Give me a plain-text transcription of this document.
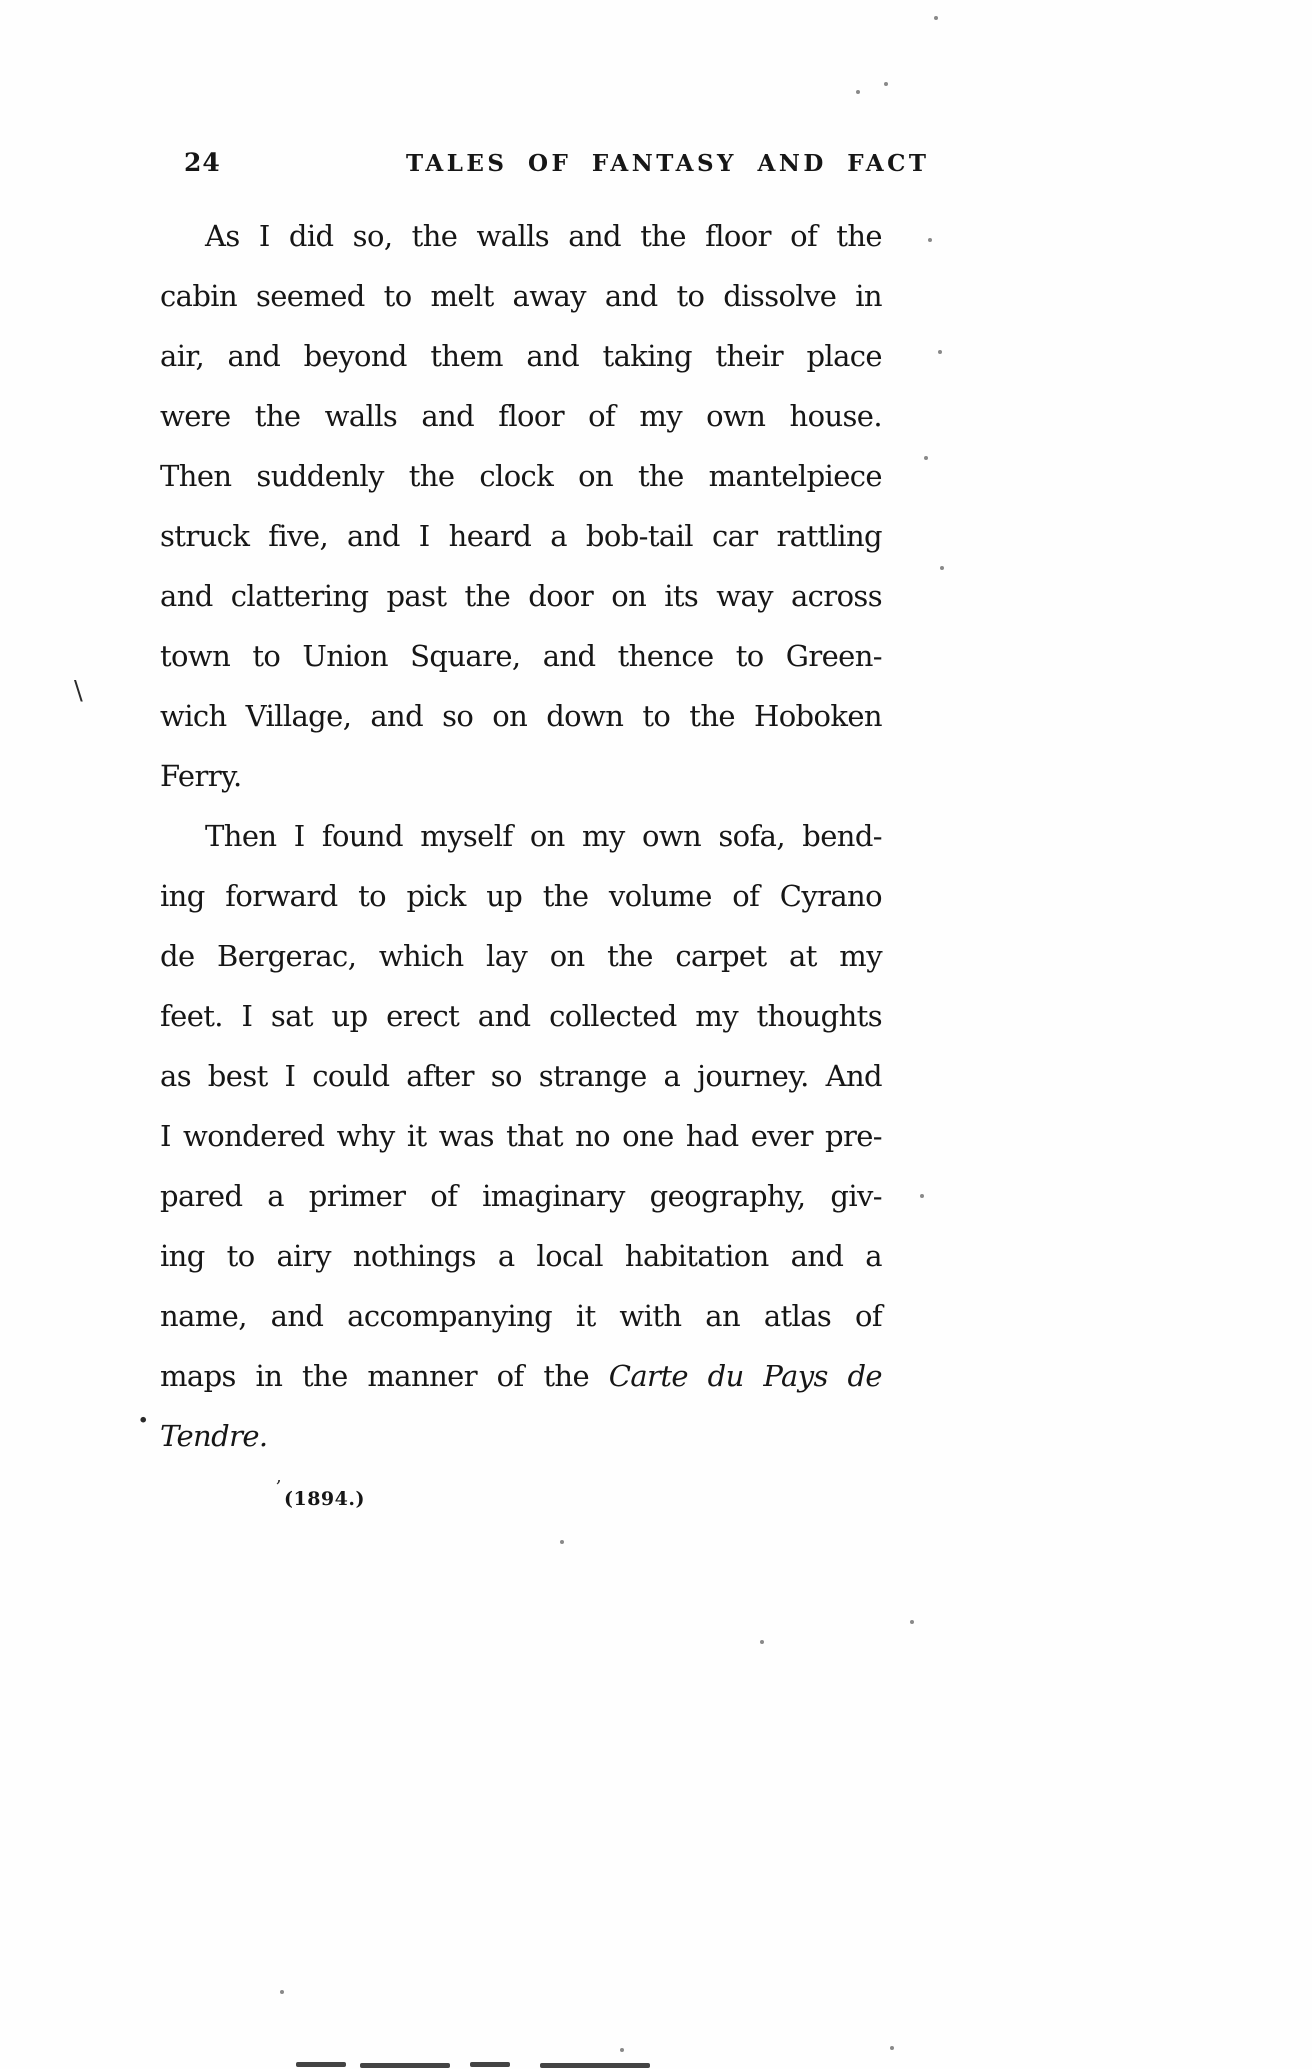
24	TALES OF FANTASY AND FACT
As I did so, the walls and the floor of the
cabin seemed to melt away and to dissolve in
air, and beyond them and taking their place
were the walls and floor of my own house.
Then suddenly the clock on the mantelpiece
struck five, and I heard a bob-tail car rattling
and clattering past the door on its way across
town to Union Square, and thence to Green-
wich Village, and so on down to the Hoboken
Ferry.
Then I found myself on my own sofa, bend-
ing forward to pick up the volume of Cyrano
de Bergerac, which lay on the carpet at my
feet. I sat up erect and collected my thoughts
as best I could after so strange a journey. And
I wondered why it was that no one had ever pre-
pared a primer of imaginary geography, giv-
ing to airy nothings a local habitation and a
name, and accompanying it with an atlas of
maps in the manner of the Carte du Pays de
Tendre.
(1894.)
\
.
,
